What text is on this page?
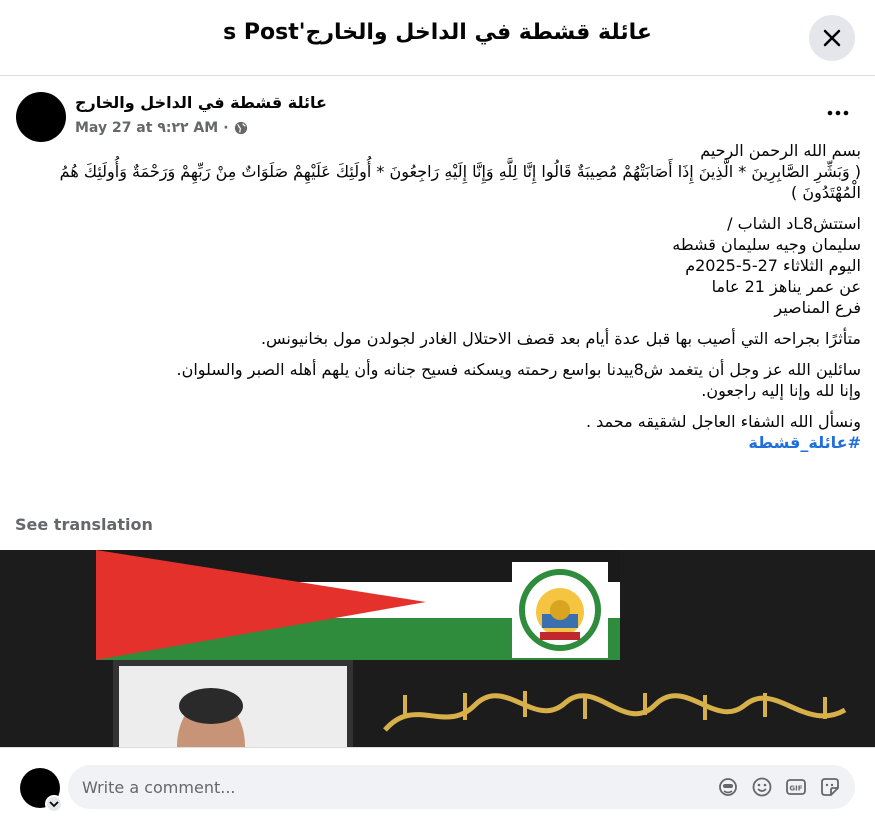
عائلة قشطة في الداخل والخارج's Post
عائلة قشطة في الداخل والخارج
May 27 at ٩:٢٢ AM ·

بسم الله الرحمن الرحيم

( وَبَشِّرِ الصَّابِرِينَ * الَّذِينَ إِذَا أَصَابَتْهُمْ مُصِيبَةٌ قَالُوا إِنَّا لِلَّهِ وَإِنَّا إِلَيْهِ رَاجِعُونَ * أُولَئِكَ عَلَيْهِمْ صَلَوَاتٌ مِنْ رَبِّهِمْ وَرَحْمَةٌ وَأُولَئِكَ هُمُ الْمُهْتَدُونَ )

استتش8ـاد الشاب /

سليمان وجيه سليمان قشطه

اليوم الثلاثاء 27-5-2025م

عن عمر يناهز 21 عاما

فرع المناصير

متأثرًا بجراحه التي أصيب بها قبل عدة أيام بعد قصف الاحتلال الغادر لجولدن مول بخانيونس.

سائلين الله عز وجل أن يتغمد ش8ييدنا بواسع رحمته ويسكنه فسيح جنانه وأن يلهم أهله الصبر والسلوان.

وإنا لله وإنا إليه راجعون.

ونسأل الله الشفاء العاجل لشقيقه محمد .

#عائلة_قشطة

See translation
Write a comment...	GIF
